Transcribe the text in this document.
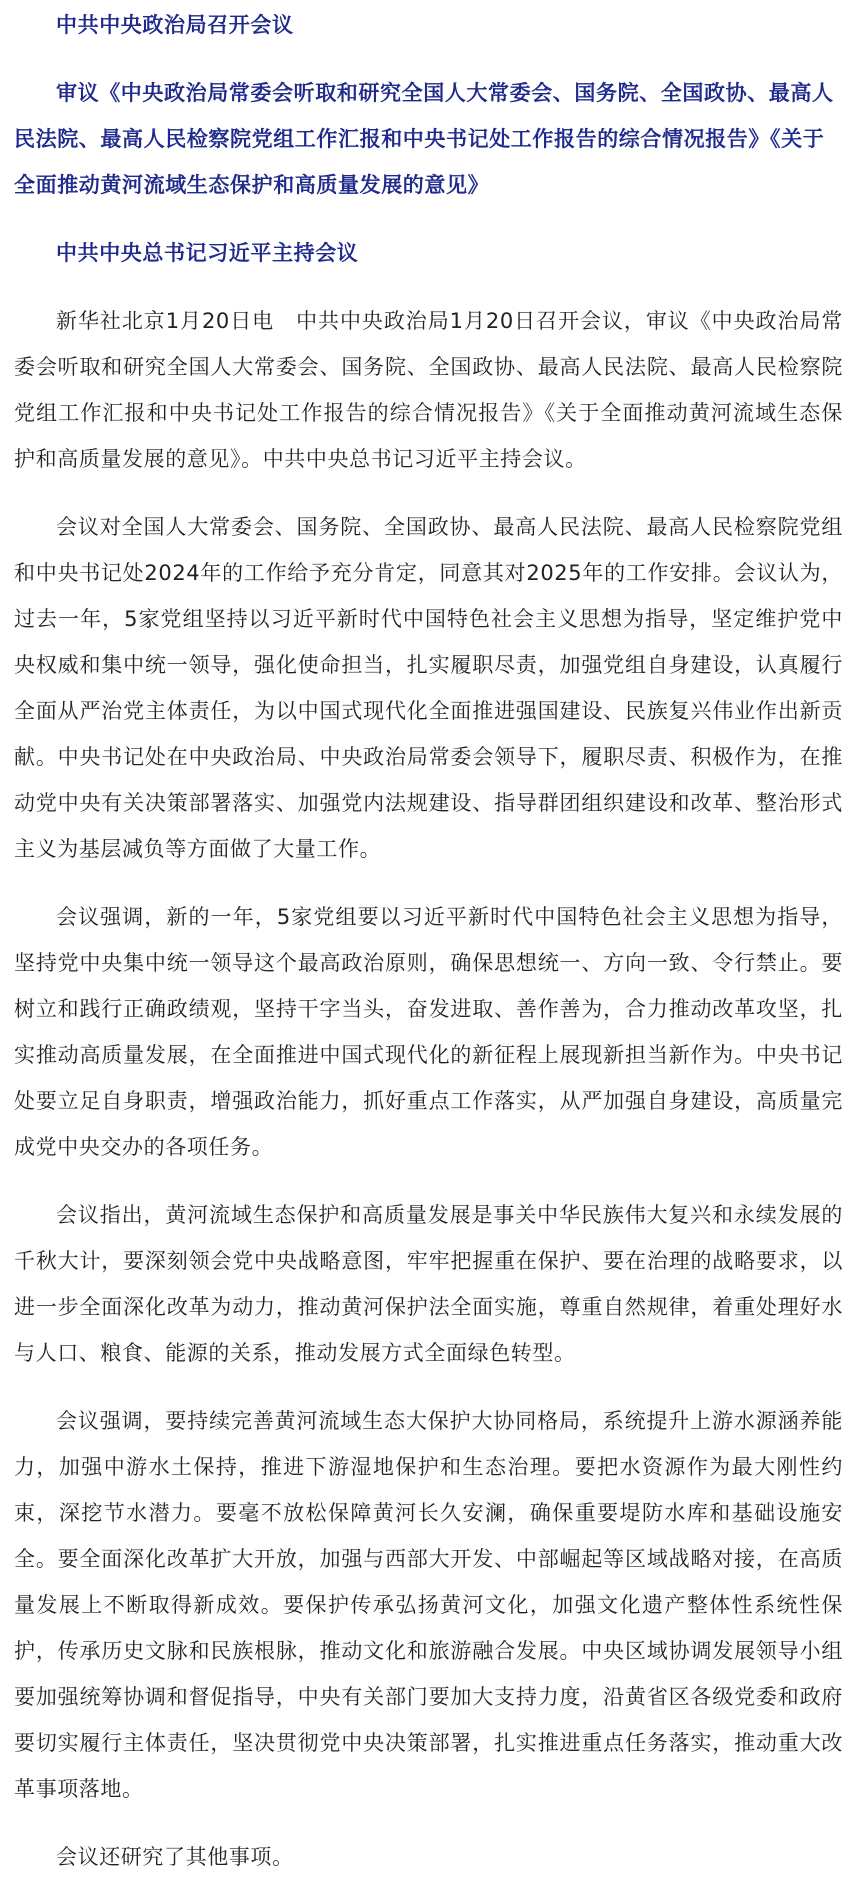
中共中央政治局召开会议

审议《中央政治局常委会听取和研究全国人大常委会、国务院、全国政协、最高人民法院、最高人民检察院党组工作汇报和中央书记处工作报告的综合情况报告》《关于全面推动黄河流域生态保护和高质量发展的意见》

中共中央总书记习近平主持会议

新华社北京1月20日电　中共中央政治局1月20日召开会议，审议《中央政治局常委会听取和研究全国人大常委会、国务院、全国政协、最高人民法院、最高人民检察院党组工作汇报和中央书记处工作报告的综合情况报告》《关于全面推动黄河流域生态保护和高质量发展的意见》。中共中央总书记习近平主持会议。

会议对全国人大常委会、国务院、全国政协、最高人民法院、最高人民检察院党组和中央书记处2024年的工作给予充分肯定，同意其对2025年的工作安排。会议认为，过去一年，5家党组坚持以习近平新时代中国特色社会主义思想为指导，坚定维护党中央权威和集中统一领导，强化使命担当，扎实履职尽责，加强党组自身建设，认真履行全面从严治党主体责任，为以中国式现代化全面推进强国建设、民族复兴伟业作出新贡献。中央书记处在中央政治局、中央政治局常委会领导下，履职尽责、积极作为，在推动党中央有关决策部署落实、加强党内法规建设、指导群团组织建设和改革、整治形式主义为基层减负等方面做了大量工作。

会议强调，新的一年，5家党组要以习近平新时代中国特色社会主义思想为指导，坚持党中央集中统一领导这个最高政治原则，确保思想统一、方向一致、令行禁止。要树立和践行正确政绩观，坚持干字当头，奋发进取、善作善为，合力推动改革攻坚，扎实推动高质量发展，在全面推进中国式现代化的新征程上展现新担当新作为。中央书记处要立足自身职责，增强政治能力，抓好重点工作落实，从严加强自身建设，高质量完成党中央交办的各项任务。

会议指出，黄河流域生态保护和高质量发展是事关中华民族伟大复兴和永续发展的千秋大计，要深刻领会党中央战略意图，牢牢把握重在保护、要在治理的战略要求，以进一步全面深化改革为动力，推动黄河保护法全面实施，尊重自然规律，着重处理好水与人口、粮食、能源的关系，推动发展方式全面绿色转型。

会议强调，要持续完善黄河流域生态大保护大协同格局，系统提升上游水源涵养能力，加强中游水土保持，推进下游湿地保护和生态治理。要把水资源作为最大刚性约束，深挖节水潜力。要毫不放松保障黄河长久安澜，确保重要堤防水库和基础设施安全。要全面深化改革扩大开放，加强与西部大开发、中部崛起等区域战略对接，在高质量发展上不断取得新成效。要保护传承弘扬黄河文化，加强文化遗产整体性系统性保护，传承历史文脉和民族根脉，推动文化和旅游融合发展。中央区域协调发展领导小组要加强统筹协调和督促指导，中央有关部门要加大支持力度，沿黄省区各级党委和政府要切实履行主体责任，坚决贯彻党中央决策部署，扎实推进重点任务落实，推动重大改革事项落地。

会议还研究了其他事项。
